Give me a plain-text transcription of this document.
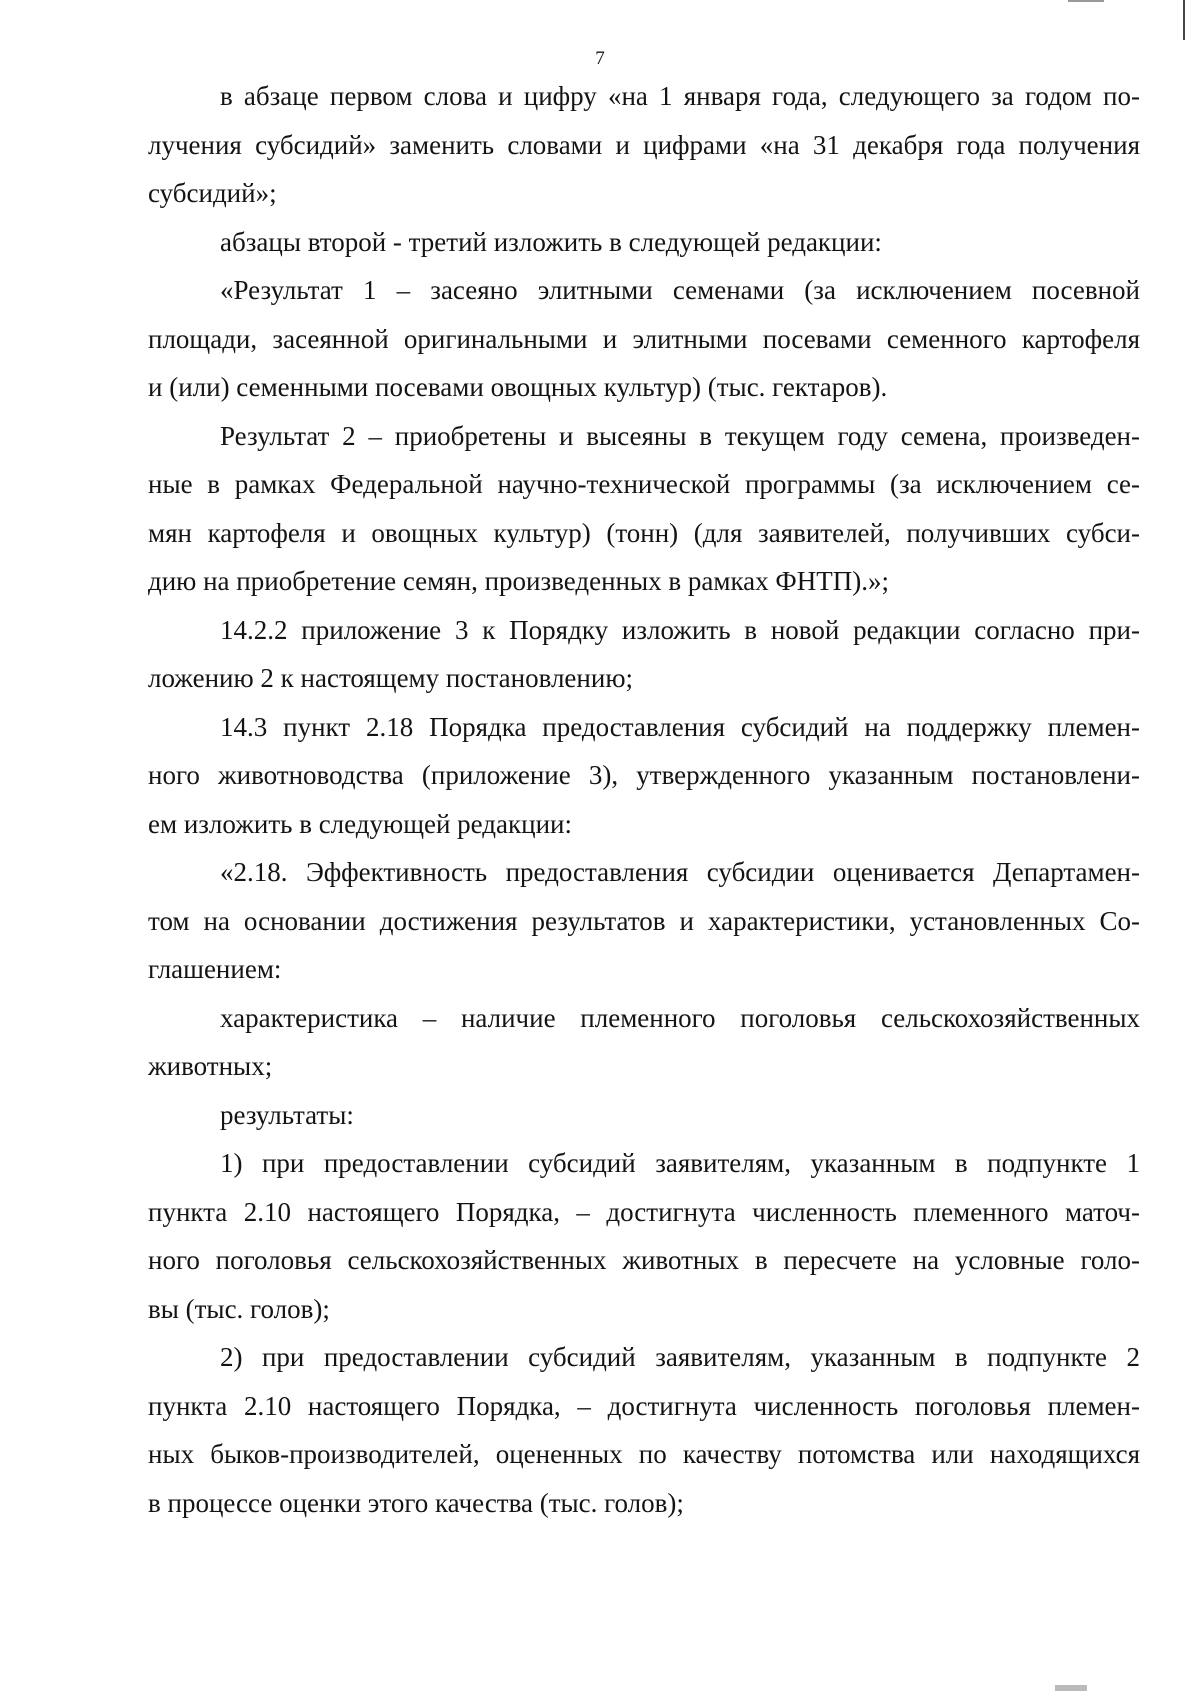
7

в абзаце первом слова и цифру «на 1 января года, следующего за годом по-
лучения субсидий» заменить словами и цифрами «на 31 декабря года получения
субсидий»;

абзацы второй - третий изложить в следующей редакции:

«Результат 1 – засеяно элитными семенами (за исключением посевной
площади, засеянной оригинальными и элитными посевами семенного картофеля
и (или) семенными посевами овощных культур) (тыс. гектаров).

Результат 2 – приобретены и высеяны в текущем году семена, произведен-
ные в рамках Федеральной научно-технической программы (за исключением се-
мян картофеля и овощных культур) (тонн) (для заявителей, получивших субси-
дию на приобретение семян, произведенных в рамках ФНТП).»;

14.2.2 приложение 3 к Порядку изложить в новой редакции согласно при-
ложению 2 к настоящему постановлению;

14.3 пункт 2.18 Порядка предоставления субсидий на поддержку племен-
ного животноводства (приложение 3), утвержденного указанным постановлени-
ем изложить в следующей редакции:

«2.18. Эффективность предоставления субсидии оценивается Департамен-
том на основании достижения результатов и характеристики, установленных Со-
глашением:

характеристика – наличие племенного поголовья сельскохозяйственных
животных;

результаты:

1) при предоставлении субсидий заявителям, указанным в подпункте 1
пункта 2.10 настоящего Порядка, – достигнута численность племенного маточ-
ного поголовья сельскохозяйственных животных в пересчете на условные голо-
вы (тыс. голов);

2) при предоставлении субсидий заявителям, указанным в подпункте 2
пункта 2.10 настоящего Порядка, – достигнута численность поголовья племен-
ных быков-производителей, оцененных по качеству потомства или находящихся
в процессе оценки этого качества (тыс. голов);
